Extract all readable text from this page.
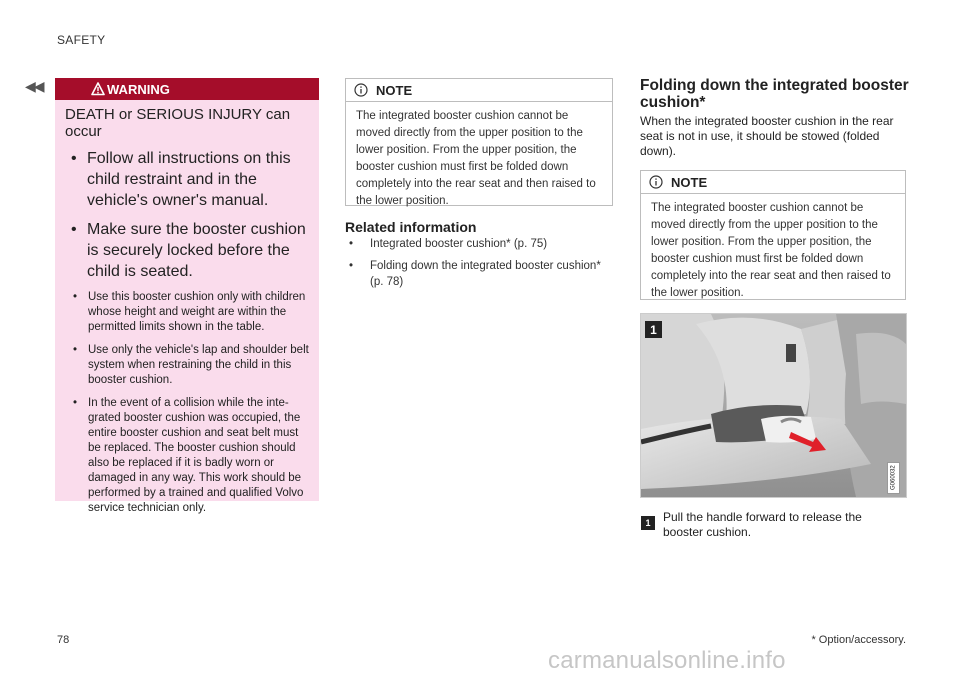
SAFETY
◀◀	WARNING
DEATH or SERIOUS INJURY can occur
• Follow all instructions on this child restraint and in the vehicle's owner's manual.
• Make sure the booster cushion is securely locked before the child is seated.
• Use this booster cushion only with children whose height and weight are within the permitted limits shown in the table.
• Use only the vehicle's lap and shoulder belt system when restraining the child in this booster cushion.
• In the event of a collision while the integrated booster cushion was occupied, the entire booster cushion and seat belt must be replaced. The booster cushion should also be replaced if it is badly worn or damaged in any way. This work should be performed by a trained and qualified Volvo service technician only.
NOTE
The integrated booster cushion cannot be moved directly from the upper position to the lower position. From the upper position, the booster cushion must first be folded down completely into the rear seat and then raised to the lower position.
Related information
• Integrated booster cushion* (p. 75)
• Folding down the integrated booster cushion* (p. 78)
Folding down the integrated booster cushion*
When the integrated booster cushion in the rear seat is not in use, it should be stowed (folded down).
NOTE
The integrated booster cushion cannot be moved directly from the upper position to the lower position. From the upper position, the booster cushion must first be folded down completely into the rear seat and then raised to the lower position.
1
G060032
1	Pull the handle forward to release the booster cushion.
78	* Option/accessory.
carmanualsonline.info
